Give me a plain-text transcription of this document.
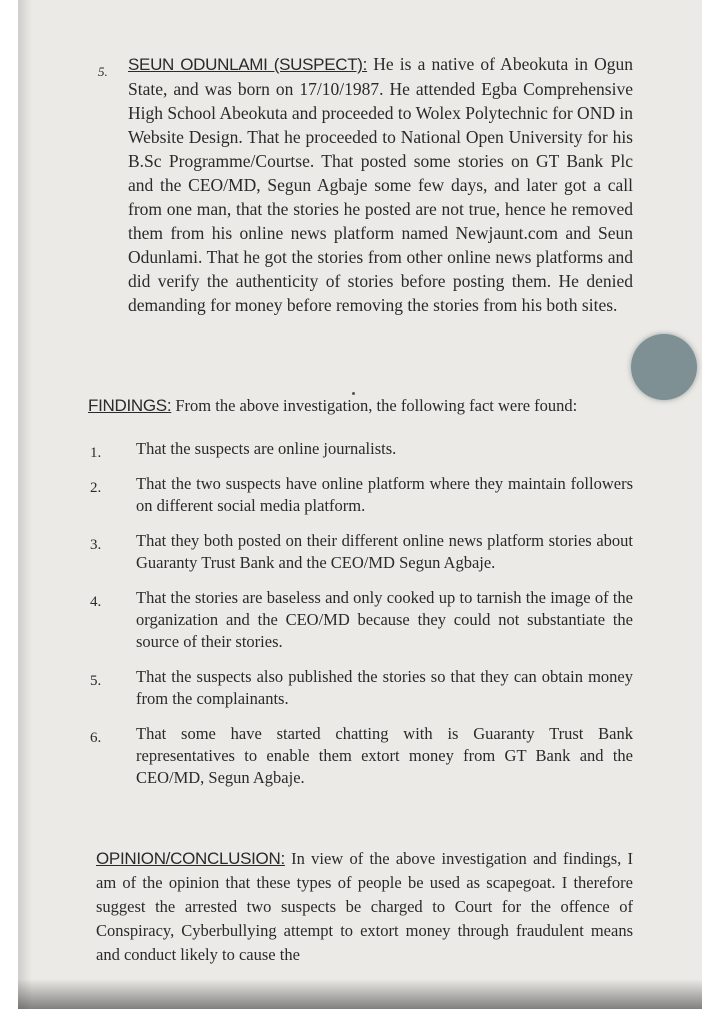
5. SEUN ODUNLAMI (SUSPECT): He is a native of Abeokuta in Ogun State, and was born on 17/10/1987. He attended Egba Comprehensive High School Abeokuta and proceeded to Wolex Polytechnic for OND in Website Design. That he proceeded to National Open University for his B.Sc Programme/Courtse. That posted some stories on GT Bank Plc and the CEO/MD, Segun Agbaje some few days, and later got a call from one man, that the stories he posted are not true, hence he removed them from his online news platform named Newjaunt.com and Seun Odunlami. That he got the stories from other online news platforms and did verify the authenticity of stories before posting them. He denied demanding for money before removing the stories from his both sites.
FINDINGS: From the above investigation, the following fact were found:
1. That the suspects are online journalists.
2. That the two suspects have online platform where they maintain followers on different social media platform.
3. That they both posted on their different online news platform stories about Guaranty Trust Bank and the CEO/MD Segun Agbaje.
4. That the stories are baseless and only cooked up to tarnish the image of the organization and the CEO/MD because they could not substantiate the source of their stories.
5. That the suspects also published the stories so that they can obtain money from the complainants.
6. That some have started chatting with is Guaranty Trust Bank representatives to enable them extort money from GT Bank and the CEO/MD, Segun Agbaje.
OPINION/CONCLUSION: In view of the above investigation and findings, I am of the opinion that these types of people be used as scapegoat. I therefore suggest the arrested two suspects be charged to Court for the offence of Conspiracy, Cyberbullying attempt to extort money through fraudulent means and conduct likely to cause the
